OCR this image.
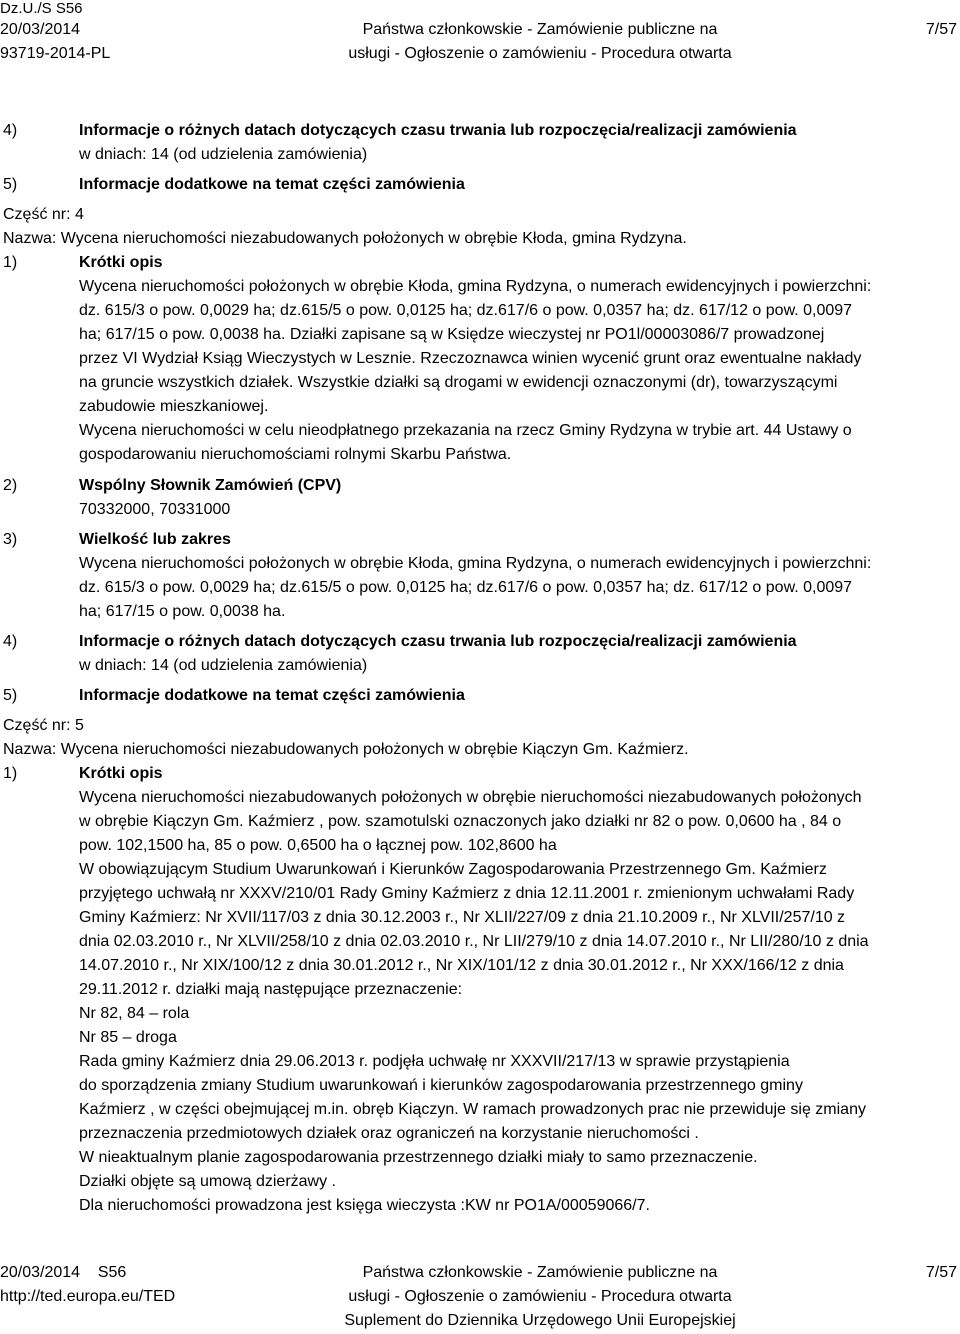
Dz.U./S S56
20/03/2014
93719-2014-PL
Państwa członkowskie - Zamówienie publiczne na
usługi - Ogłoszenie o zamówieniu - Procedura otwarta
7/57
4)	Informacje o różnych datach dotyczących czasu trwania lub rozpoczęcia/realizacji zamówienia
w dniach: 14 (od udzielenia zamówienia)
5)	Informacje dodatkowe na temat części zamówienia
Część nr: 4
Nazwa: Wycena nieruchomości niezabudowanych położonych w obrębie Kłoda, gmina Rydzyna.
1)	Krótki opis
Wycena nieruchomości położonych w obrębie Kłoda, gmina Rydzyna, o numerach ewidencyjnych i powierzchni:
dz. 615/3 o pow. 0,0029 ha; dz.615/5 o pow. 0,0125 ha; dz.617/6 o pow. 0,0357 ha; dz. 617/12 o pow. 0,0097
ha; 617/15 o pow. 0,0038 ha. Działki zapisane są w Księdze wieczystej nr PO1l/00003086/7 prowadzonej
przez VI Wydział Ksiąg Wieczystych w Lesznie. Rzeczoznawca winien wycenić grunt oraz ewentualne nakłady
na gruncie wszystkich działek. Wszystkie działki są drogami w ewidencji oznaczonymi (dr), towarzyszącymi
zabudowie mieszkaniowej.
Wycena nieruchomości w celu nieodpłatnego przekazania na rzecz Gminy Rydzyna w trybie art. 44 Ustawy o
gospodarowaniu nieruchomościami rolnymi Skarbu Państwa.
2)	Wspólny Słownik Zamówień (CPV)
70332000, 70331000
3)	Wielkość lub zakres
Wycena nieruchomości położonych w obrębie Kłoda, gmina Rydzyna, o numerach ewidencyjnych i powierzchni:
dz. 615/3 o pow. 0,0029 ha; dz.615/5 o pow. 0,0125 ha; dz.617/6 o pow. 0,0357 ha; dz. 617/12 o pow. 0,0097
ha; 617/15 o pow. 0,0038 ha.
4)	Informacje o różnych datach dotyczących czasu trwania lub rozpoczęcia/realizacji zamówienia
w dniach: 14 (od udzielenia zamówienia)
5)	Informacje dodatkowe na temat części zamówienia
Część nr: 5
Nazwa: Wycena nieruchomości niezabudowanych położonych w obrębie Kiączyn Gm. Kaźmierz.
1)	Krótki opis
Wycena nieruchomości niezabudowanych położonych w obrębie nieruchomości niezabudowanych położonych
w obrębie Kiączyn Gm. Kaźmierz , pow. szamotulski oznaczonych jako działki nr 82 o pow. 0,0600 ha , 84 o
pow. 102,1500 ha, 85 o pow. 0,6500 ha o łącznej pow. 102,8600 ha
W obowiązującym Studium Uwarunkowań i Kierunków Zagospodarowania Przestrzennego Gm. Kaźmierz
przyjętego uchwałą nr XXXV/210/01 Rady Gminy Kaźmierz z dnia 12.11.2001 r. zmienionym uchwałami Rady
Gminy Kaźmierz: Nr XVII/117/03 z dnia 30.12.2003 r., Nr XLII/227/09 z dnia 21.10.2009 r., Nr XLVII/257/10 z
dnia 02.03.2010 r., Nr XLVII/258/10 z dnia 02.03.2010 r., Nr LII/279/10 z dnia 14.07.2010 r., Nr LII/280/10 z dnia
14.07.2010 r., Nr XIX/100/12 z dnia 30.01.2012 r., Nr XIX/101/12 z dnia 30.01.2012 r., Nr XXX/166/12 z dnia
29.11.2012 r. działki mają następujące przeznaczenie:
Nr 82, 84 – rola
Nr 85 – droga
Rada gminy Kaźmierz dnia 29.06.2013 r. podjęła uchwałę nr XXXVII/217/13 w sprawie przystąpienia
do sporządzenia zmiany Studium uwarunkowań i kierunków zagospodarowania przestrzennego gminy
Kaźmierz , w części obejmującej m.in. obręb Kiączyn. W ramach prowadzonych prac nie przewiduje się zmiany
przeznaczenia przedmiotowych działek oraz ograniczeń na korzystanie nieruchomości .
W nieaktualnym planie zagospodarowania przestrzennego działki miały to samo przeznaczenie.
Działki objęte są umową dzierżawy .
Dla nieruchomości prowadzona jest księga wieczysta :KW nr PO1A/00059066/7.
20/03/2014    S56
http://ted.europa.eu/TED
Państwa członkowskie - Zamówienie publiczne na
usługi - Ogłoszenie o zamówieniu - Procedura otwarta
Suplement do Dziennika Urzędowego Unii Europejskiej
7/57
